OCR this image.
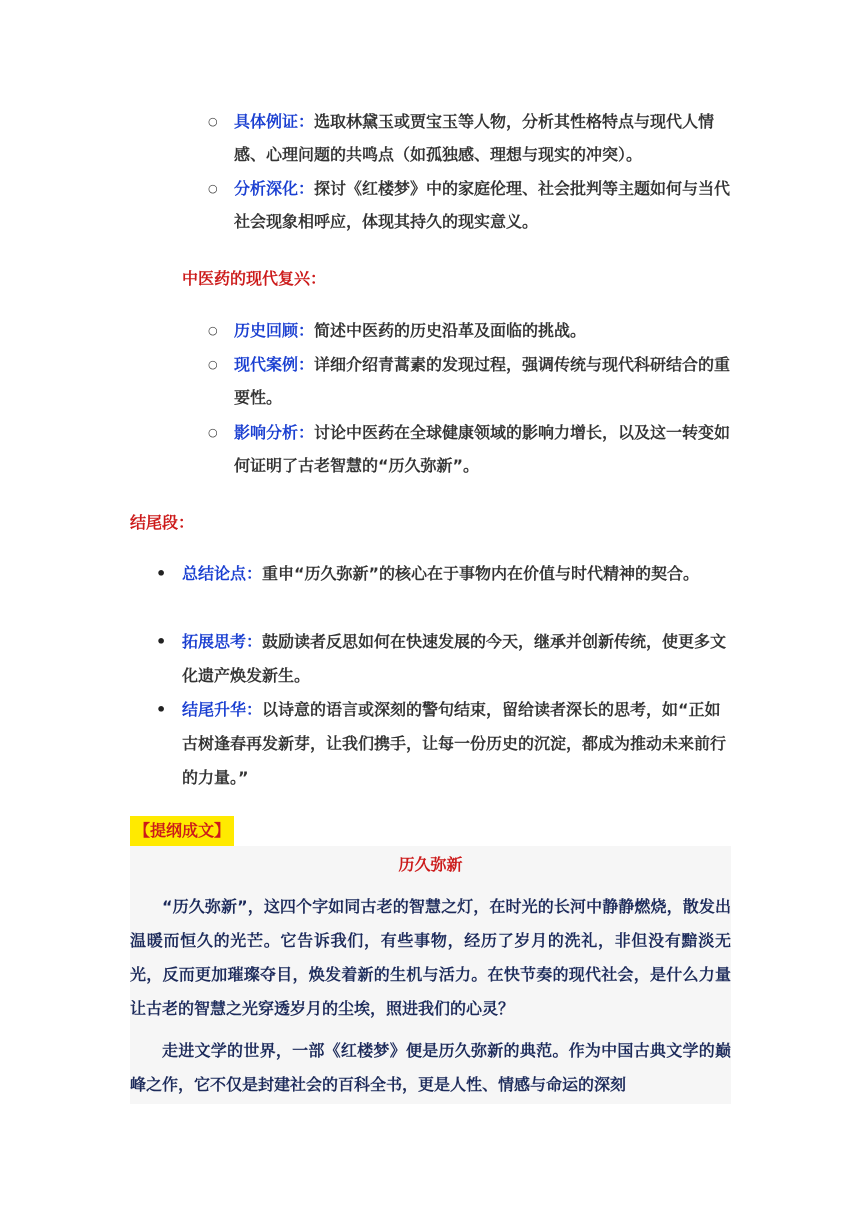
○ 具体例证：选取林黛玉或贾宝玉等人物，分析其性格特点与现代人情感、心理问题的共鸣点（如孤独感、理想与现实的冲突）。
○ 分析深化：探讨《红楼梦》中的家庭伦理、社会批判等主题如何与当代社会现象相呼应，体现其持久的现实意义。
中医药的现代复兴：
○ 历史回顾：简述中医药的历史沿革及面临的挑战。
○ 现代案例：详细介绍青蒿素的发现过程，强调传统与现代科研结合的重要性。
○ 影响分析：讨论中医药在全球健康领域的影响力增长，以及这一转变如何证明了古老智慧的“历久弥新”。
结尾段：
• 总结论点：重申“历久弥新”的核心在于事物内在价值与时代精神的契合。
• 拓展思考：鼓励读者反思如何在快速发展的今天，继承并创新传统，使更多文化遗产焕发新生。
• 结尾升华：以诗意的语言或深刻的警句结束，留给读者深长的思考，如“正如古树逢春再发新芽，让我们携手，让每一份历史的沉淀，都成为推动未来前行的力量。”
【提纲成文】
历久弥新
“历久弥新”，这四个字如同古老的智慧之灯，在时光的长河中静静燃烧，散发出温暖而恒久的光芒。它告诉我们，有些事物，经历了岁月的洗礼，非但没有黯淡无光，反而更加璀璨夺目，焕发着新的生机与活力。在快节奏的现代社会，是什么力量让古老的智慧之光穿透岁月的尘埃，照进我们的心灵？
走进文学的世界，一部《红楼梦》便是历久弥新的典范。作为中国古典文学的巅峰之作，它不仅是封建社会的百科全书，更是人性、情感与命运的深刻
